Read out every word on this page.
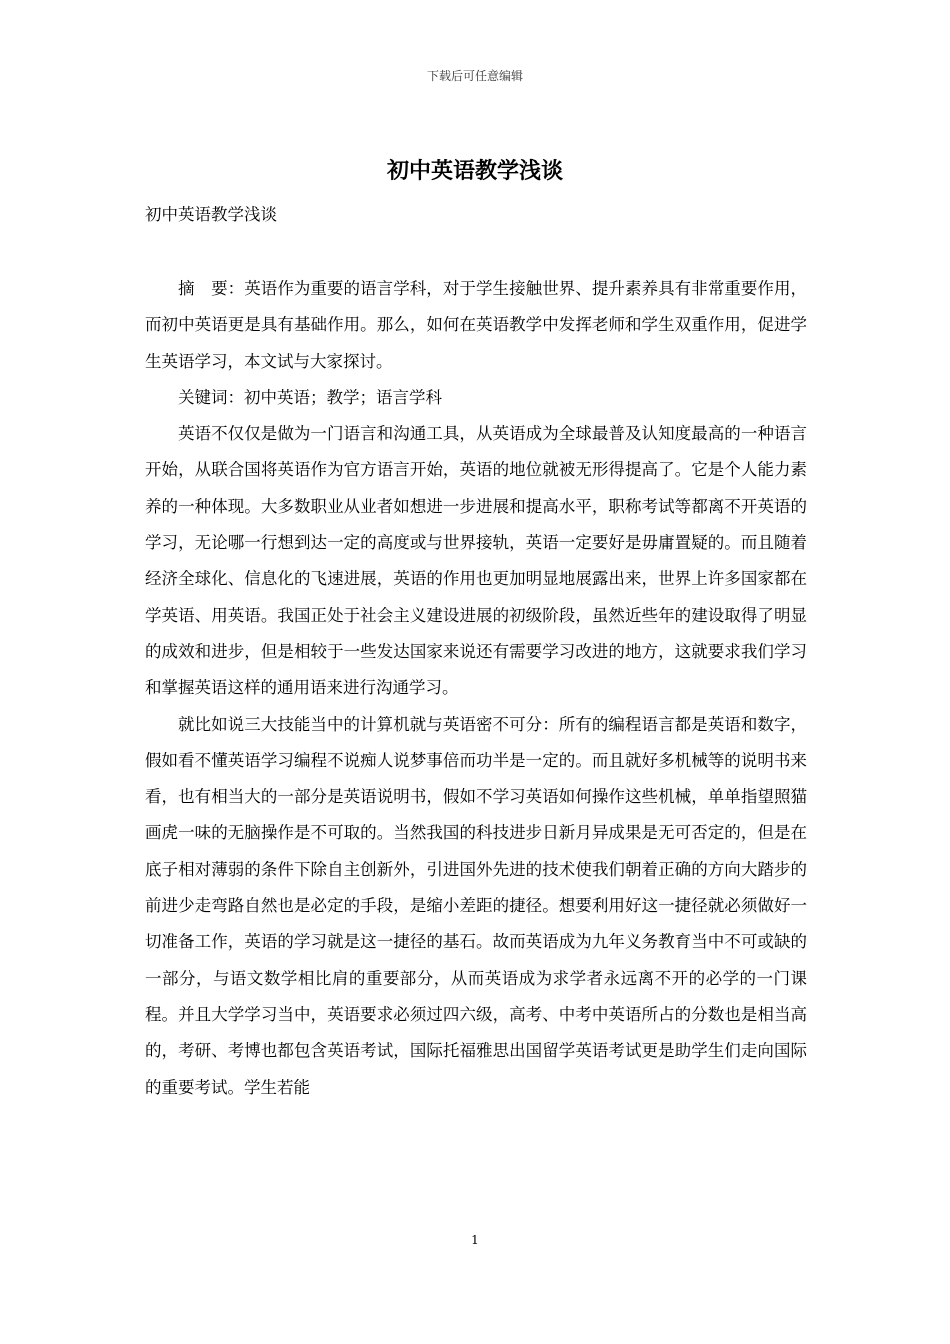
下载后可任意编辑
初中英语教学浅谈
初中英语教学浅谈

摘　要：英语作为重要的语言学科，对于学生接触世界、提升素养具有非常重要作用，而初中英语更是具有基础作用。那么，如何在英语教学中发挥老师和学生双重作用，促进学生英语学习，本文试与大家探讨。

关键词：初中英语；教学；语言学科

英语不仅仅是做为一门语言和沟通工具，从英语成为全球最普及认知度最高的一种语言开始，从联合国将英语作为官方语言开始，英语的地位就被无形得提高了。它是个人能力素养的一种体现。大多数职业从业者如想进一步进展和提高水平，职称考试等都离不开英语的学习，无论哪一行想到达一定的高度或与世界接轨，英语一定要好是毋庸置疑的。而且随着经济全球化、信息化的飞速进展，英语的作用也更加明显地展露出来，世界上许多国家都在学英语、用英语。我国正处于社会主义建设进展的初级阶段，虽然近些年的建设取得了明显的成效和进步，但是相较于一些发达国家来说还有需要学习改进的地方，这就要求我们学习和掌握英语这样的通用语来进行沟通学习。

就比如说三大技能当中的计算机就与英语密不可分：所有的编程语言都是英语和数字，假如看不懂英语学习编程不说痴人说梦事倍而功半是一定的。而且就好多机械等的说明书来看，也有相当大的一部分是英语说明书，假如不学习英语如何操作这些机械，单单指望照猫画虎一味的无脑操作是不可取的。当然我国的科技进步日新月异成果是无可否定的，但是在底子相对薄弱的条件下除自主创新外，引进国外先进的技术使我们朝着正确的方向大踏步的前进少走弯路自然也是必定的手段，是缩小差距的捷径。想要利用好这一捷径就必须做好一切准备工作，英语的学习就是这一捷径的基石。故而英语成为九年义务教育当中不可或缺的一部分，与语文数学相比肩的重要部分，从而英语成为求学者永远离不开的必学的一门课程。并且大学学习当中，英语要求必须过四六级，高考、中考中英语所占的分数也是相当高的，考研、考博也都包含英语考试，国际托福雅思出国留学英语考试更是助学生们走向国际的重要考试。学生若能

1
